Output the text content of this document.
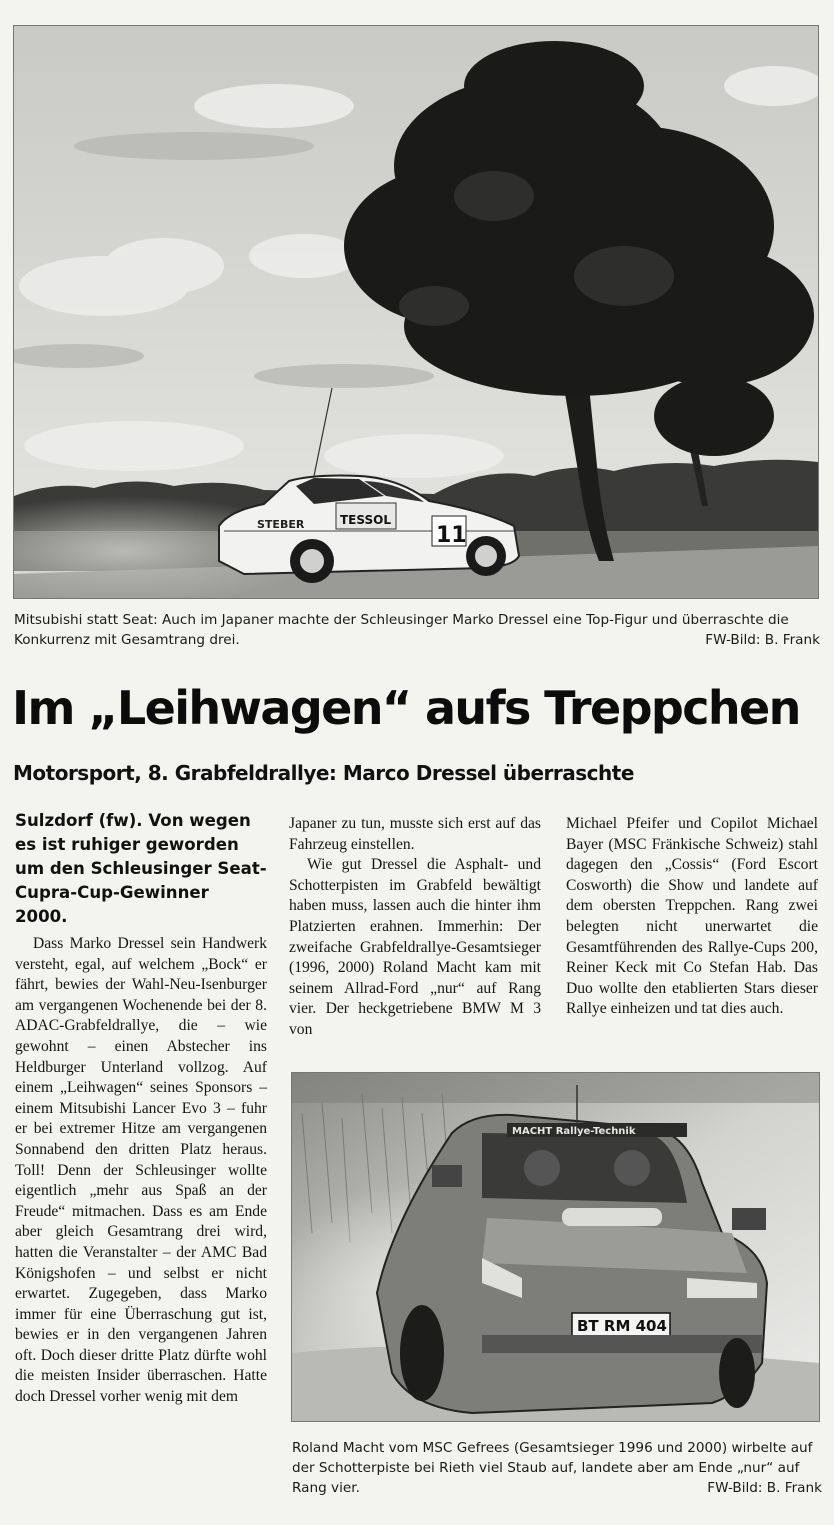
TESSOL
STEBER	11
Mitsubishi statt Seat: Auch im Japaner machte der Schleusinger Marko Dressel eine Top-Figur und überraschte die Konkurrenz mit Gesamtrang drei.	FW-Bild: B. Frank
Im „Leihwagen“ aufs Treppchen
Motorsport, 8. Grabfeldrallye: Marco Dressel überraschte
Sulzdorf (fw). Von wegen es ist ruhiger geworden um den Schleusinger Seat-Cupra-Cup-Gewinner 2000.

Dass Marko Dressel sein Handwerk versteht, egal, auf welchem „Bock“ er fährt, bewies der Wahl-Neu-Isenburger am vergangenen Wochenende bei der 8. ADAC-Grabfeldrallye, die – wie gewohnt – einen Abstecher ins Heldburger Unterland vollzog. Auf einem „Leihwagen“ seines Sponsors – einem Mitsubishi Lancer Evo 3 – fuhr er bei extremer Hitze am vergangenen Sonnabend den dritten Platz heraus. Toll! Denn der Schleusinger wollte eigentlich „mehr aus Spaß an der Freude“ mitmachen. Dass es am Ende aber gleich Gesamtrang drei wird, hatten die Veranstalter – der AMC Bad Königshofen – und selbst er nicht erwartet. Zugegeben, dass Marko immer für eine Überraschung gut ist, bewies er in den vergangenen Jahren oft. Doch dieser dritte Platz dürfte wohl die meisten Insider überraschen. Hatte doch Dressel vorher wenig mit dem

Japaner zu tun, musste sich erst auf das Fahrzeug einstellen.

Wie gut Dressel die Asphalt- und Schotterpisten im Grabfeld bewältigt haben muss, lassen auch die hinter ihm Platzierten erahnen. Immerhin: Der zweifache Grabfeldrallye-Gesamtsieger (1996, 2000) Roland Macht kam mit seinem Allrad-Ford „nur“ auf Rang vier. Der heckgetriebene BMW M 3 von

Michael Pfeifer und Copilot Michael Bayer (MSC Fränkische Schweiz) stahl dagegen den „Cossis“ (Ford Escort Cosworth) die Show und landete auf dem obersten Treppchen. Rang zwei belegten nicht unerwartet die Gesamtführenden des Rallye-Cups 200, Reiner Keck mit Co Stefan Hab. Das Duo wollte den etablierten Stars dieser Rallye einheizen und tat dies auch.

MACHT Rallye-Technik
BT RM 404
Roland Macht vom MSC Gefrees (Gesamtsieger 1996 und 2000) wirbelte auf der Schotterpiste bei Rieth viel Staub auf, landete aber am Ende „nur“ auf Rang vier.	FW-Bild: B. Frank
